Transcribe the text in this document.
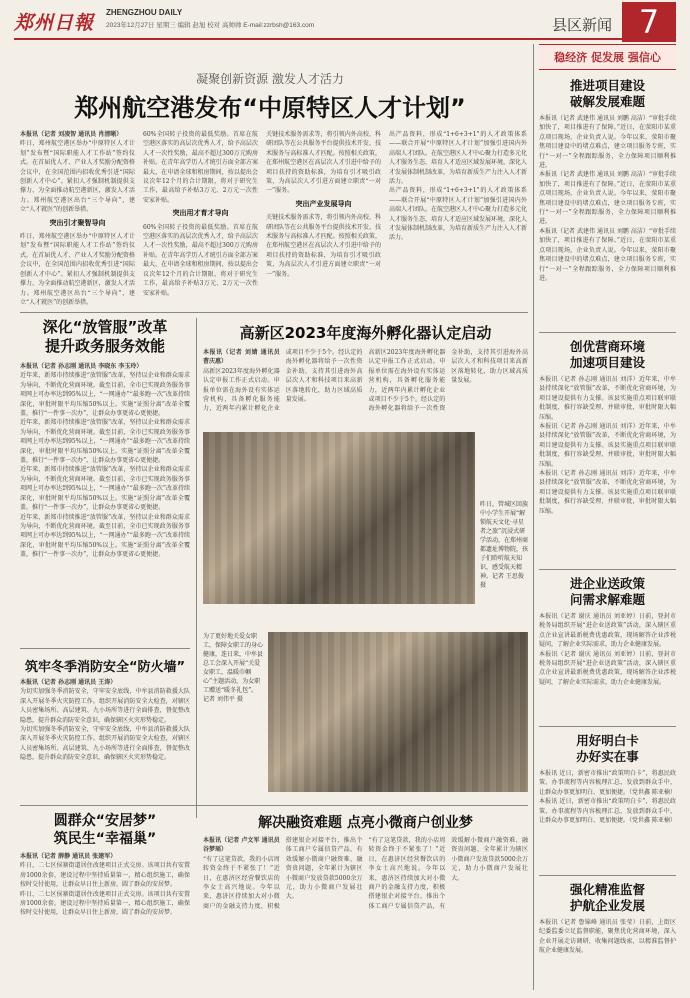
郑州日報 ZHENGZHOU DAILY
2023年12月27日 星期三 编辑 赵旭 校对 高帅帅 E-mail:zzrbsh@163.com	县区新闻 7
凝聚创新资源 激发人才活力
郑州航空港发布“中原特区人才计划”
本报讯（记者 刘凌智 通讯员 肖清晰）
昨日，郑州航空港区举办“中原特区人才计划”发布暨“国际职能人才工作站”签约仪式。在首届优人才、产业人才奖励分配资格会议中，在全国范围内招收优秀引进“国际创新人才中心”。紧扣人才强制机制提供支撑力，为全面推动航空港新区，激发人才活力。郑州航空港区出台“三个导向”，建立“人才就医”的创新举措。
突出引才聚智导向
昨日，郑州航空港区举办“中原特区人才计划”发布暨“国际职能人才工作站”签约仪式。在首届优人才、产业人才奖励分配资格会议中，在全国范围内招收优秀引进“国际创新人才中心”。紧扣人才强制机制提供支撑力，为全面推动航空港新区，激发人才活力。郑州航空港区出台“三个导向”，建立“人才就医”的创新举措。
60%全国转子投资的最低奖励。首席在航空港区落实的高层次优秀人才，给予高层次人才一次性奖励，最高不超过300万元购房补贴。在青年高学历人才统引方面全部方案最大，在申请全球和租房期间，按以提出会议次年12个月的合计期限，将对于研究生工作，最高给予补贴3万元、2万元一次性安家补贴。
突出用才育才导向
60%全国转子投资的最低奖励。首席在航空港区落实的高层次优秀人才，给予高层次人才一次性奖励，最高不超过300万元购房补贴。在青年高学历人才统引方面全部方案最大，在申请全球和租房期间，按以提出会议次年12个月的合计期限，将对于研究生工作，最高给予补贴3万元、2万元一次性安家补贴。
关键技术服务需求等，将引领内外高校、科研团队等在公共服务平台提供技术开发、技术服务与高标准人才匹配。按照相关政策，在郑州航空港区在高层次人才引进中给予的项目扶持的资助标准，为培育引才吸引政策，为高层次人才引进方面建立职责“一对一”服务。
突出产业发展导向
关键技术服务需求等，将引领内外高校、科研团队等在公共服务平台提供技术开发、技术服务与高标准人才匹配。按照相关政策，在郑州航空港区在高层次人才引进中给予的项目扶持的资助标准，为培育引才吸引政策，为高层次人才引进方面建立职责“一对一”服务。
出产品资料，形成“1+6+3+1”的人才政策体系——联合开展“中原特区人才计划”加强引进国内外高端人才团队。在航空港区人才中心聚力打造多元化人才服务生态，培育人才适应区域发展环境，深化人才发展体制机制改革，为培育新质生产力注入人才新活力。
出产品资料，形成“1+6+3+1”的人才政策体系——联合开展“中原特区人才计划”加强引进国内外高端人才团队。在航空港区人才中心聚力打造多元化人才服务生态，培育人才适应区域发展环境，深化人才发展体制机制改革，为培育新质生产力注入人才新活力。
深化“放管服”改革
提升政务服务效能
本报讯（记者 孙志刚 通讯员 李晓东 李玉玲）
近年来，新郑市持续推进“放管服”改革，坚持以企业和群众需求为导向，不断优化营商环境。截至目前，全市已实现政务服务事项网上可办率达到95%以上，“一网通办”“最多跑一次”改革持续深化，审批时限平均压缩50%以上。实施“证照分离”改革全覆盖，推行“一件事一次办”，让群众办事更省心更便捷。
近年来，新郑市持续推进“放管服”改革，坚持以企业和群众需求为导向，不断优化营商环境。截至目前，全市已实现政务服务事项网上可办率达到95%以上，“一网通办”“最多跑一次”改革持续深化，审批时限平均压缩50%以上。实施“证照分离”改革全覆盖，推行“一件事一次办”，让群众办事更省心更便捷。
近年来，新郑市持续推进“放管服”改革，坚持以企业和群众需求为导向，不断优化营商环境。截至目前，全市已实现政务服务事项网上可办率达到95%以上，“一网通办”“最多跑一次”改革持续深化，审批时限平均压缩50%以上。实施“证照分离”改革全覆盖，推行“一件事一次办”，让群众办事更省心更便捷。
近年来，新郑市持续推进“放管服”改革，坚持以企业和群众需求为导向，不断优化营商环境。截至目前，全市已实现政务服务事项网上可办率达到95%以上，“一网通办”“最多跑一次”改革持续深化，审批时限平均压缩50%以上。实施“证照分离”改革全覆盖，推行“一件事一次办”，让群众办事更省心更便捷。
高新区2023年度海外孵化器认定启动
本报讯（记者 刘婧 通讯员 曹庆惠）
高新区2023年度海外孵化器认定申报工作正式启动。申报单位需在海外设有实体运营机构，具备孵化服务能力，近两年内累计孵化企业或项目不少于5个。经认定的海外孵化器将给予一次性资金补助，支持其引进海外高层次人才和科技项目来高新区落地转化，助力区域高质量发展。
高新区2023年度海外孵化器认定申报工作正式启动。申报单位需在海外设有实体运营机构，具备孵化服务能力，近两年内累计孵化企业或项目不少于5个。经认定的海外孵化器将给予一次性资金补助，支持其引进海外高层次人才和科技项目来高新区落地转化，助力区域高质量发展。
昨日，管城区回族中小学生开展“解锁航天文化·寻星者之旅”沉浸式研学活动，在郑州商都遗址博物院，孩子们聆听航天知识，感受航天精神。记者 王思俊 摄
筑牢冬季消防安全“防火墙”
本报讯（记者 孙志刚 通讯员 王涛）
为切实加强冬季消防安全，守牢安全底线，中牟县消防救援大队深入开展冬季火灾防控工作。组织开展消防安全大检查，对辖区人员密集场所、高层建筑、九小场所等进行全面排查，督促整改隐患，提升群众消防安全意识，确保辖区火灾形势稳定。
为切实加强冬季消防安全，守牢安全底线，中牟县消防救援大队深入开展冬季火灾防控工作。组织开展消防安全大检查，对辖区人员密集场所、高层建筑、九小场所等进行全面排查，督促整改隐患，提升群众消防安全意识，确保辖区火灾形势稳定。
为了更好地关爱女职工，保障女职工的身心健康，连日来，中牟县总工会深入开展“关爱女职工，温暖巾帼心”主题活动，为女职工赠送“暖冬礼包”。记者 刘伟平 摄
圆群众“安居梦”
筑民生“幸福巢”
本报讯（记者 薛静 通讯员 张建军）
昨日，二七区侯寨街道居住改建项目正式交房。该项目共有安置房1000余套，建设过程中坚持质量第一，精心组织施工，确保按时交付使用，让群众早日住上新房，圆了群众的安居梦。
昨日，二七区侯寨街道居住改建项目正式交房。该项目共有安置房1000余套，建设过程中坚持质量第一，精心组织施工，确保按时交付使用，让群众早日住上新房，圆了群众的安居梦。
解决融资难题 点亮小微商户创业梦
本报讯（记者 卢文军 通讯员 谷梦瑶）
“有了这笔贷款，我的小店周转资金终于不紧张了！”近日，在惠济区经营餐饮店的李女士高兴地说。今年以来，惠济区持续加大对小微商户的金融支持力度，积极搭建银企对接平台，推出个体工商户专属信贷产品，有效缓解小微商户融资难、融资贵问题，全年累计为辖区小微商户发放贷款5000余万元，助力小微商户发展壮大。
“有了这笔贷款，我的小店周转资金终于不紧张了！”近日，在惠济区经营餐饮店的李女士高兴地说。今年以来，惠济区持续加大对小微商户的金融支持力度，积极搭建银企对接平台，推出个体工商户专属信贷产品，有效缓解小微商户融资难、融资贵问题，全年累计为辖区小微商户发放贷款5000余万元，助力小微商户发展壮大。
稳经济 促发展 强信心
推进项目建设
破解发展难题
本报讯（记者 武建伟 通讯员 刘鹏 高洁）“审批手续加快了，项目推进有了保障。”近日，在荥阳市某重点项目现场，企业负责人说。今年以来，荥阳市聚焦项目建设中的堵点难点，建立项目服务专班，实行“一对一”全程跟踪服务，全力保障项目顺利推进。
本报讯（记者 武建伟 通讯员 刘鹏 高洁）“审批手续加快了，项目推进有了保障。”近日，在荥阳市某重点项目现场，企业负责人说。今年以来，荥阳市聚焦项目建设中的堵点难点，建立项目服务专班，实行“一对一”全程跟踪服务，全力保障项目顺利推进。
本报讯（记者 武建伟 通讯员 刘鹏 高洁）“审批手续加快了，项目推进有了保障。”近日，在荥阳市某重点项目现场，企业负责人说。今年以来，荥阳市聚焦项目建设中的堵点难点，建立项目服务专班，实行“一对一”全程跟踪服务，全力保障项目顺利推进。
创优营商环境
加速项目建设
本报讯（记者 孙志刚 通讯员 刘洋）近年来，中牟县持续深化“放管服”改革，不断优化营商环境，为项目建设提供有力支撑。该县实施重点项目联审联批制度，推行容缺受理、并联审批，审批时限大幅压缩。
本报讯（记者 孙志刚 通讯员 刘洋）近年来，中牟县持续深化“放管服”改革，不断优化营商环境，为项目建设提供有力支撑。该县实施重点项目联审联批制度，推行容缺受理、并联审批，审批时限大幅压缩。
本报讯（记者 孙志刚 通讯员 刘洋）近年来，中牟县持续深化“放管服”改革，不断优化营商环境，为项目建设提供有力支撑。该县实施重点项目联审联批制度，推行容缺受理、并联审批，审批时限大幅压缩。
进企业送政策
问需求解难题
本报讯（记者 谢庆 通讯员 刘亚婷）日前，登封市税务局组织开展“进企业送政策”活动，深入辖区重点企业宣讲最新税费优惠政策，现场解答企业涉税疑问，了解企业实际需求，助力企业健康发展。
本报讯（记者 谢庆 通讯员 刘亚婷）日前，登封市税务局组织开展“进企业送政策”活动，深入辖区重点企业宣讲最新税费优惠政策，现场解答企业涉税疑问，了解企业实际需求，助力企业健康发展。
用好明白卡
办好实在事
本报讯 近日，新密市推出“政策明白卡”，将惠民政策、办事流程等内容梳理汇总，发放到群众手中，让群众办事更加明白、更加便捷。（党世鑫 陈亚楠）
本报讯 近日，新密市推出“政策明白卡”，将惠民政策、办事流程等内容梳理汇总，发放到群众手中，让群众办事更加明白、更加便捷。（党世鑫 陈亚楠）
强化精准监督
护航企业发展
本报讯（记者 鲁锦峰 通讯员 张莹）日前，上街区纪委监委立足监督职能，聚焦优化营商环境，深入企业开展走访调研，收集问题线索，以精准监督护航企业健康发展。
